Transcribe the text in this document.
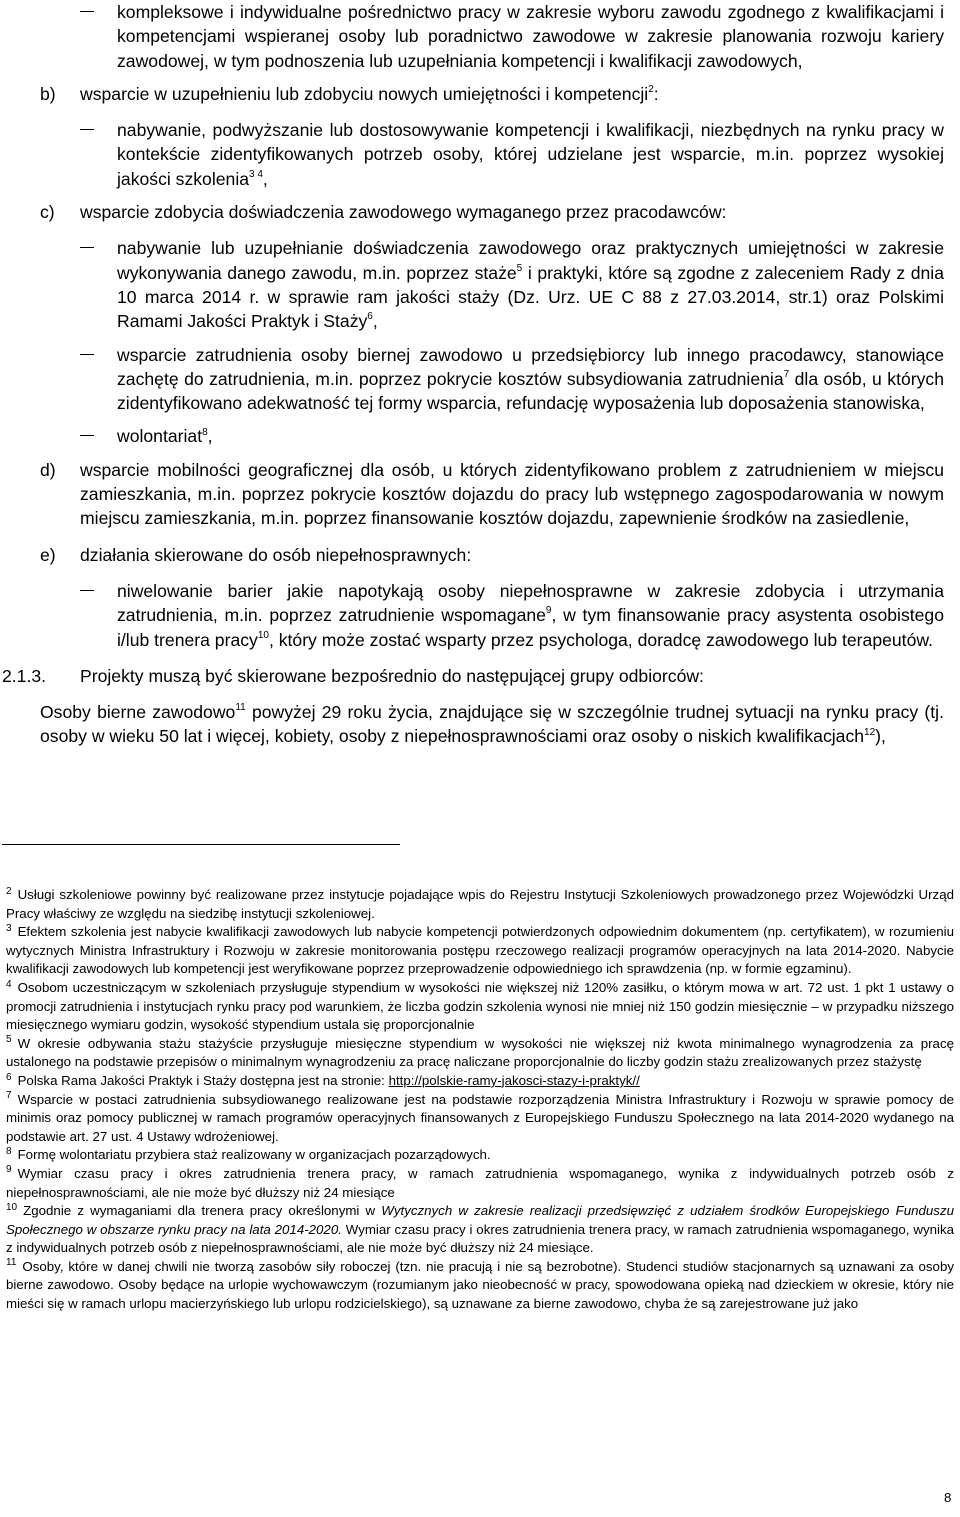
kompleksowe i indywidualne pośrednictwo pracy w zakresie wyboru zawodu zgodnego z kwalifikacjami i kompetencjami wspieranej osoby lub poradnictwo zawodowe w zakresie planowania rozwoju kariery zawodowej, w tym podnoszenia lub uzupełniania kompetencji i kwalifikacji zawodowych,
b) wsparcie w uzupełnieniu lub zdobyciu nowych umiejętności i kompetencji$^2$:
nabywanie, podwyższanie lub dostosowywanie kompetencji i kwalifikacji, niezbędnych na rynku pracy w kontekście zidentyfikowanych potrzeb osoby, której udzielane jest wsparcie, m.in. poprzez wysokiej jakości szkolenia$^{3 4}$,
c) wsparcie zdobycia doświadczenia zawodowego wymaganego przez pracodawców:
nabywanie lub uzupełnianie doświadczenia zawodowego oraz praktycznych umiejętności w zakresie wykonywania danego zawodu, m.in. poprzez staże$^5$ i praktyki, które są zgodne z zaleceniem Rady z dnia 10 marca 2014 r. w sprawie ram jakości staży (Dz. Urz. UE C 88 z 27.03.2014, str.1) oraz Polskimi Ramami Jakości Praktyk i Staży$^6$,
wsparcie zatrudnienia osoby biernej zawodowo u przedsiębiorcy lub innego pracodawcy, stanowiące zachętę do zatrudnienia, m.in. poprzez pokrycie kosztów subsydiowania zatrudnienia$^7$ dla osób, u których zidentyfikowano adekwatność tej formy wsparcia, refundację wyposażenia lub doposażenia stanowiska,
wolontariat$^8$,
d) wsparcie mobilności geograficznej dla osób, u których zidentyfikowano problem z zatrudnieniem w miejscu zamieszkania, m.in. poprzez pokrycie kosztów dojazdu do pracy lub wstępnego zagospodarowania w nowym miejscu zamieszkania, m.in. poprzez finansowanie kosztów dojazdu, zapewnienie środków na zasiedlenie,
e) działania skierowane do osób niepełnosprawnych:
niwelowanie barier jakie napotykają osoby niepełnosprawne w zakresie zdobycia i utrzymania zatrudnienia, m.in. poprzez zatrudnienie wspomagane$^9$, w tym finansowanie pracy asystenta osobistego i/lub trenera pracy$^{10}$, który może zostać wsparty przez psychologa, doradcę zawodowego lub terapeutów.
2.1.3. Projekty muszą być skierowane bezpośrednio do następującej grupy odbiorców:
Osoby bierne zawodowo$^{11}$ powyżej 29 roku życia, znajdujące się w szczególnie trudnej sytuacji na rynku pracy (tj. osoby w wieku 50 lat i więcej, kobiety, osoby z niepełnosprawnościami oraz osoby o niskich kwalifikacjach$^{12}$),
$^2$ Usługi szkoleniowe powinny być realizowane przez instytucje pojadające wpis do Rejestru Instytucji Szkoleniowych prowadzonego przez Wojewódzki Urząd Pracy właściwy ze względu na siedzibę instytucji szkoleniowej.
$^3$ Efektem szkolenia jest nabycie kwalifikacji zawodowych lub nabycie kompetencji potwierdzonych odpowiednim dokumentem (np. certyfikatem), w rozumieniu wytycznych Ministra Infrastruktury i Rozwoju w zakresie monitorowania postępu rzeczowego realizacji programów operacyjnych na lata 2014-2020. Nabycie kwalifikacji zawodowych lub kompetencji jest weryfikowane poprzez przeprowadzenie odpowiedniego ich sprawdzenia (np. w formie egzaminu).
$^4$ Osobom uczestniczącym w szkoleniach przysługuje stypendium w wysokości nie większej niż 120% zasiłku, o którym mowa w art. 72 ust. 1 pkt 1 ustawy o promocji zatrudnienia i instytucjach rynku pracy pod warunkiem, że liczba godzin szkolenia wynosi nie mniej niż 150 godzin miesięcznie – w przypadku niższego miesięcznego wymiaru godzin, wysokość stypendium ustala się proporcjonalnie
$^5$ W okresie odbywania stażu stażyście przysługuje miesięczne stypendium w wysokości nie większej niż kwota minimalnego wynagrodzenia za pracę ustalonego na podstawie przepisów o minimalnym wynagrodzeniu za pracę naliczane proporcjonalnie do liczby godzin stażu zrealizowanych przez stażystę
$^6$ Polska Rama Jakości Praktyk i Staży dostępna jest na stronie: http://polskie-ramy-jakosci-stazy-i-praktyk//
$^7$ Wsparcie w postaci zatrudnienia subsydiowanego realizowane jest na podstawie rozporządzenia Ministra Infrastruktury i Rozwoju w sprawie pomocy de minimis oraz pomocy publicznej w ramach programów operacyjnych finansowanych z Europejskiego Funduszu Społecznego na lata 2014-2020 wydanego na podstawie art. 27 ust. 4 Ustawy wdrożeniowej.
$^8$ Formę wolontariatu przybiera staż realizowany w organizacjach pozarządowych.
$^9$ Wymiar czasu pracy i okres zatrudnienia trenera pracy, w ramach zatrudnienia wspomaganego, wynika z indywidualnych potrzeb osób z niepełnosprawnościami, ale nie może być dłuższy niż 24 miesiące
$^{10}$ Zgodnie z wymaganiami dla trenera pracy określonymi w Wytycznych w zakresie realizacji przedsięwzięć z udziałem środków Europejskiego Funduszu Społecznego w obszarze rynku pracy na lata 2014-2020. Wymiar czasu pracy i okres zatrudnienia trenera pracy, w ramach zatrudnienia wspomaganego, wynika z indywidualnych potrzeb osób z niepełnosprawnościami, ale nie może być dłuższy niż 24 miesiące.
$^{11}$ Osoby, które w danej chwili nie tworzą zasobów siły roboczej (tzn. nie pracują i nie są bezrobotne). Studenci studiów stacjonarnych są uznawani za osoby bierne zawodowo. Osoby będące na urlopie wychowawczym (rozumianym jako nieobecność w pracy, spowodowana opieką nad dzieckiem w okresie, który nie mieści się w ramach urlopu macierzyńskiego lub urlopu rodzicielskiego), są uznawane za bierne zawodowo, chyba że są zarejestrowane już jako
8
